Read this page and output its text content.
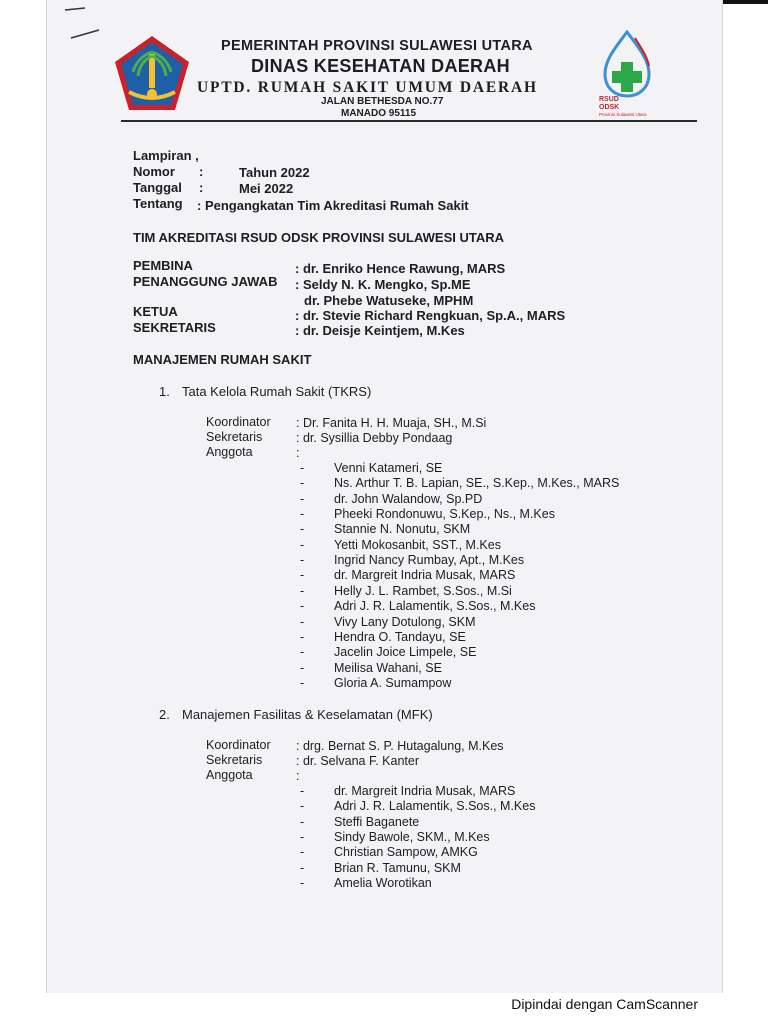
PEMERINTAH PROVINSI SULAWESI UTARA
DINAS KESEHATAN DAERAH
UPTD. RUMAH SAKIT UMUM DAERAH
JALAN BETHESDA NO.77
MANADO 95115
RSUD
ODSK
Provinsi Sulawesi Utara
Lampiran ,
Nomor :	Tahun 2022
Tanggal :	Mei 2022
Tentang : Pengangkatan Tim Akreditasi Rumah Sakit
TIM AKREDITASI RSUD ODSK PROVINSI SULAWESI UTARA
PEMBINA	: dr. Enriko Hence Rawung, MARS
PENANGGUNG JAWAB : Seldy N. K. Mengko, Sp.ME
dr. Phebe Watuseke, MPHM
KETUA	: dr. Stevie Richard Rengkuan, Sp.A., MARS
SEKRETARIS	: dr. Deisje Keintjem, M.Kes
MANAJEMEN RUMAH SAKIT
1. Tata Kelola Rumah Sakit (TKRS)
Koordinator : Dr. Fanita H. H. Muaja, SH., M.Si
Sekretaris	: dr. Sysillia Debby Pondaag
Anggota	:
- Venni Katameri, SE
- Ns. Arthur T. B. Lapian, SE., S.Kep., M.Kes., MARS
- dr. John Walandow, Sp.PD
- Pheeki Rondonuwu, S.Kep., Ns., M.Kes
- Stannie N. Nonutu, SKM
- Yetti Mokosanbit, SST., M.Kes
- Ingrid Nancy Rumbay, Apt., M.Kes
- dr. Margreit Indria Musak, MARS
- Helly J. L. Rambet, S.Sos., M.Si
- Adri J. R. Lalamentik, S.Sos., M.Kes
- Vivy Lany Dotulong, SKM
- Hendra O. Tandayu, SE
- Jacelin Joice Limpele, SE
- Meilisa Wahani, SE
- Gloria A. Sumampow
2. Manajemen Fasilitas & Keselamatan (MFK)
Koordinator : drg. Bernat S. P. Hutagalung, M.Kes
Sekretaris	: dr. Selvana F. Kanter
Anggota	:
- dr. Margreit Indria Musak, MARS
- Adri J. R. Lalamentik, S.Sos., M.Kes
- Steffi Baganete
- Sindy Bawole, SKM., M.Kes
- Christian Sampow, AMKG
- Brian R. Tamunu, SKM
- Amelia Worotikan
Dipindai dengan CamScanner
